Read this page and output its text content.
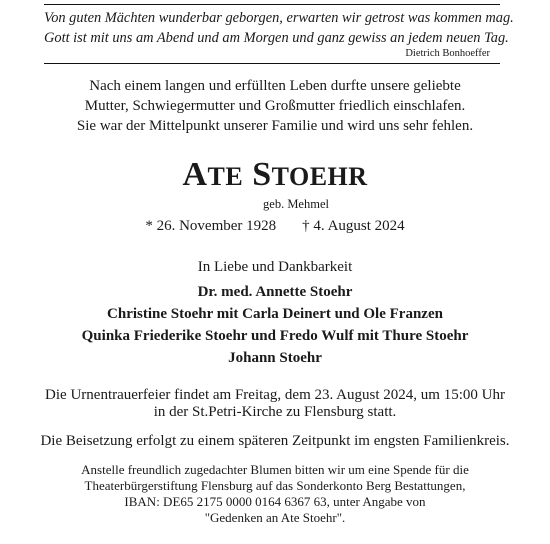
Von guten Mächten wunderbar geborgen, erwarten wir getrost was kommen mag.
Gott ist mit uns am Abend und am Morgen und ganz gewiss an jedem neuen Tag.
Dietrich Bonhoeffer
Nach einem langen und erfüllten Leben durfte unsere geliebte
Mutter, Schwiegermutter und Großmutter friedlich einschlafen.
Sie war der Mittelpunkt unserer Familie und wird uns sehr fehlen.
ATE STOEHR
geb. Mehmel
* 26. November 1928 † 4. August 2024
In Liebe und Dankbarkeit
Dr. med. Annette Stoehr
Christine Stoehr mit Carla Deinert und Ole Franzen
Quinka Friederike Stoehr und Fredo Wulf mit Thure Stoehr
Johann Stoehr
Die Urnentrauerfeier findet am Freitag, dem 23. August 2024, um 15:00 Uhr
in der St.Petri-Kirche zu Flensburg statt.
Die Beisetzung erfolgt zu einem späteren Zeitpunkt im engsten Familienkreis.
Anstelle freundlich zugedachter Blumen bitten wir um eine Spende für die
Theaterbürgerstiftung Flensburg auf das Sonderkonto Berg Bestattungen,
IBAN: DE65 2175 0000 0164 6367 63, unter Angabe von
"Gedenken an Ate Stoehr".
